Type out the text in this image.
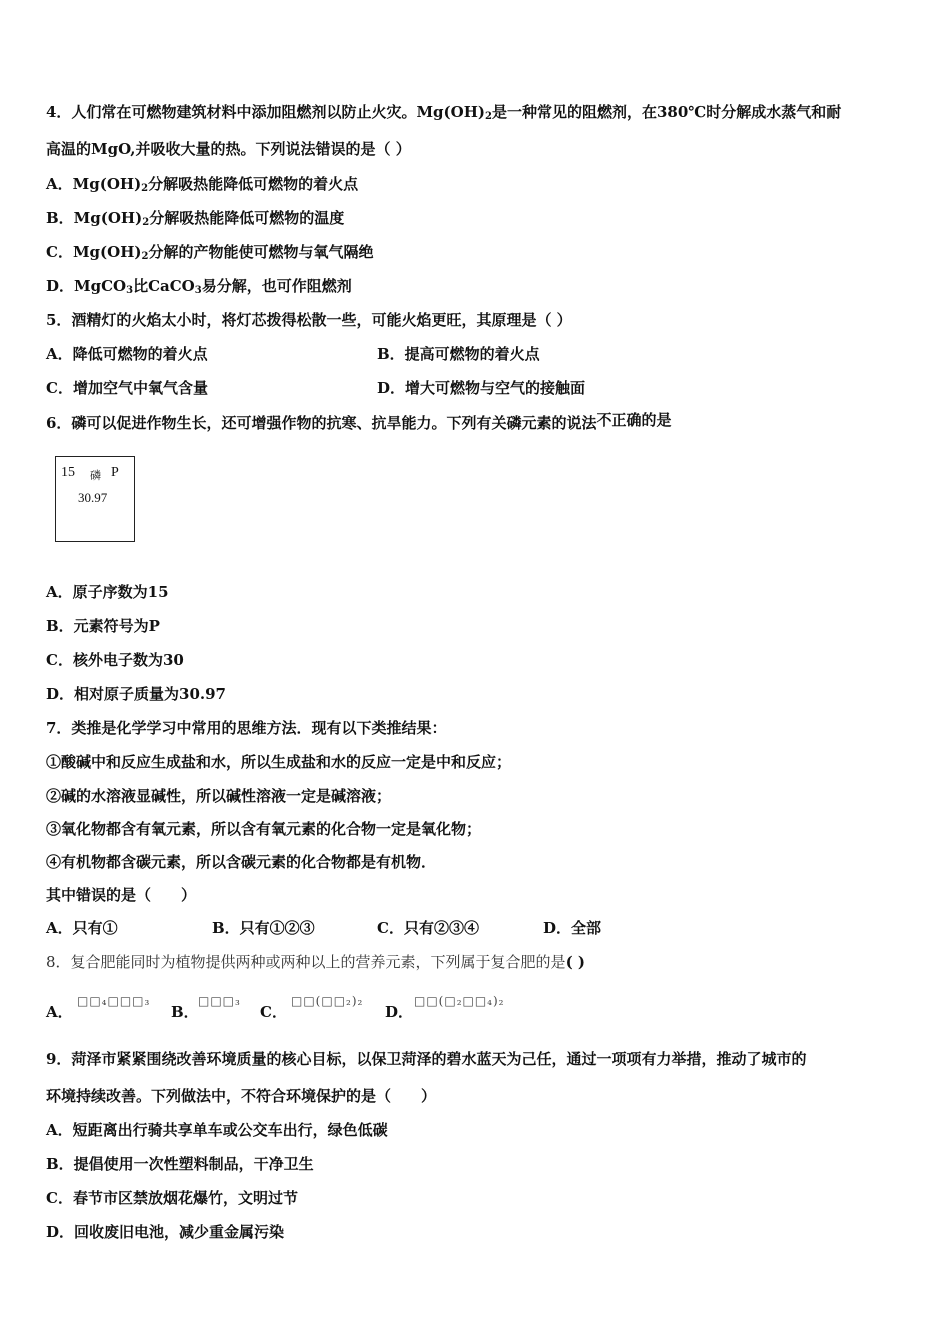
4．人们常在可燃物建筑材料中添加阻燃剂以防止火灾。$Mg(OH)_2$是一种常见的阻燃剂，在380℃时分解成水蒸气和耐
高温的MgO,并吸收大量的热。下列说法错误的是（ ）
A．$Mg(OH)_2$分解吸热能降低可燃物的着火点
B．$Mg(OH)_2$分解吸热能降低可燃物的温度
C．$Mg(OH)_2$分解的产物能使可燃物与氧气隔绝
D．MgCO$_3$比CaCO$_3$易分解，也可作阻燃剂
5．酒精灯的火焰太小时，将灯芯拨得松散一些，可能火焰更旺，其原理是（ ）
A．降低可燃物的着火点	B．提高可燃物的着火点
C．增加空气中氧气含量	D．增大可燃物与空气的接触面
6．磷可以促进作物生长，还可增强作物的抗寒、抗旱能力。下列有关磷元素的说法不正确的是
15 磷 P
30.97
A．原子序数为15
B．元素符号为P
C．核外电子数为30
D．相对原子质量为30.97
7．类推是化学学习中常用的思维方法．现有以下类推结果：
①酸碱中和反应生成盐和水，所以生成盐和水的反应一定是中和反应；
②碱的水溶液显碱性，所以碱性溶液一定是碱溶液；
③氧化物都含有氧元素，所以含有氧元素的化合物一定是氧化物；
④有机物都含碳元素，所以含碳元素的化合物都是有机物．
其中错误的是（　　）
A．只有①	B．只有①②③	C．只有②③④	D．全部
8．复合肥能同时为植物提供两种或两种以上的营养元素，下列属于复合肥的是( )
A．
□□₄□□□₃
B．
□□□₃
C．
□□(□□₂)₂
D．
□□(□₂□□₄)₂
9．菏泽市紧紧围绕改善环境质量的核心目标，以保卫菏泽的碧水蓝天为己任，通过一项项有力举措，推动了城市的
环境持续改善。下列做法中，不符合环境保护的是（　　）
A．短距离出行骑共享单车或公交车出行，绿色低碳
B．提倡使用一次性塑料制品，干净卫生
C．春节市区禁放烟花爆竹，文明过节
D．回收废旧电池，减少重金属污染
